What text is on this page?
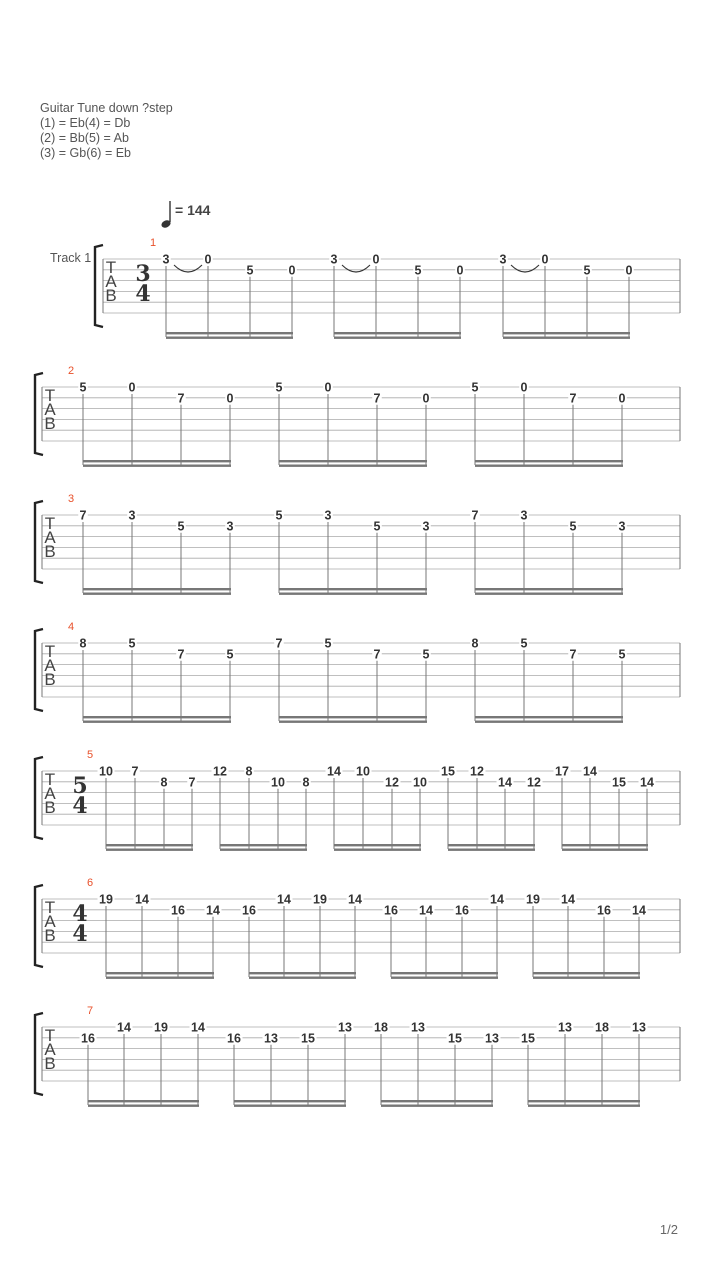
Guitar Tune down ?step
(1) = Eb(4) = Db
(2) = Bb(5) = Ab
(3) = Gb(6) = Eb
= 144
Track 1 T
A
B
1
3
4
3	0
5	0
3	0
5	0
3	0
5	0
T
A
B
2
5	0
7	0
5	0
7	0
5	0
7	0
T
A
B
3
7	3
5	3
5	3
5	3
7	3
5	3
T
A
B
4
8	5
7	5
7	5
7	5
8	5
7	5
T
A
B
5
5
4
10 7
8 7
12 8
10 8
14 10
12 10
15 12
14 12
17 14
15 14
T
A
B
6
4
4
19 14
16 14 16
14 19 14
16 14 16
14 19 14
16 14
T
A
B
7
16
14 19 14
16 13 15
13 18 13
15 13 15
13 18 13
1/2
